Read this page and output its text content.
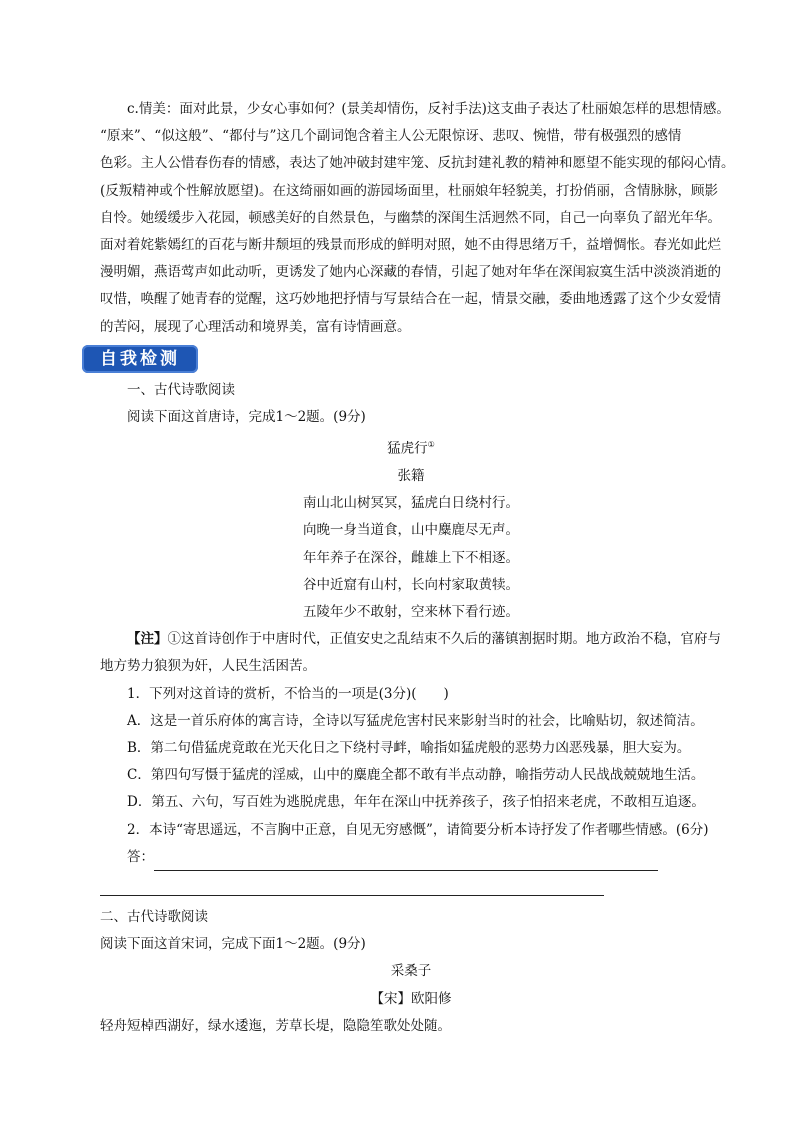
c.情美：面对此景，少女心事如何？(景美却情伤，反衬手法)这支曲子表达了杜丽娘怎样的思想情感。

“原来”、“似这般”、“都付与”这几个副词饱含着主人公无限惊讶、悲叹、惋惜，带有极强烈的感情

色彩。主人公惜春伤春的情感，表达了她冲破封建牢笼、反抗封建礼教的精神和愿望不能实现的郁闷心情。

(反叛精神或个性解放愿望)。在这绮丽如画的游园场面里，杜丽娘年轻貌美，打扮俏丽，含情脉脉，顾影

自怜。她缓缓步入花园，顿感美好的自然景色，与幽禁的深闺生活迥然不同，自己一向辜负了韶光年华。

面对着姹紫嫣红的百花与断井颓垣的残景而形成的鲜明对照，她不由得思绪万千，益增惆怅。春光如此烂

漫明媚，燕语莺声如此动听，更诱发了她内心深藏的春情，引起了她对年华在深闺寂寞生活中淡淡消逝的

叹惜，唤醒了她青春的觉醒，这巧妙地把抒情与写景结合在一起，情景交融，委曲地透露了这个少女爱情

的苦闷，展现了心理活动和境界美，富有诗情画意。

自我检测

一、古代诗歌阅读

阅读下面这首唐诗，完成1～2题。(9分)

猛虎行①

张籍

南山北山树冥冥，猛虎白日绕村行。

向晚一身当道食，山中麋鹿尽无声。

年年养子在深谷，雌雄上下不相逐。

谷中近窟有山村，长向村家取黄犊。

五陵年少不敢射，空来林下看行迹。

【注】①这首诗创作于中唐时代，正值安史之乱结束不久后的藩镇割据时期。地方政治不稳，官府与

地方势力狼狈为奸，人民生活困苦。

1．下列对这首诗的赏析，不恰当的一项是(3分)(　　)

A．这是一首乐府体的寓言诗，全诗以写猛虎危害村民来影射当时的社会，比喻贴切，叙述简洁。

B．第二句借猛虎竟敢在光天化日之下绕村寻衅，喻指如猛虎般的恶势力凶恶残暴，胆大妄为。

C．第四句写慑于猛虎的淫威，山中的麋鹿全都不敢有半点动静，喻指劳动人民战战兢兢地生活。

D．第五、六句，写百姓为逃脱虎患，年年在深山中抚养孩子，孩子怕招来老虎，不敢相互追逐。

2．本诗“寄思遥远，不言胸中正意，自见无穷感慨”，请简要分析本诗抒发了作者哪些情感。(6分)

答：

二、古代诗歌阅读

阅读下面这首宋词，完成下面1～2题。(9分)

采桑子

【宋】欧阳修

轻舟短棹西湖好，绿水逶迤，芳草长堤，隐隐笙歌处处随。
